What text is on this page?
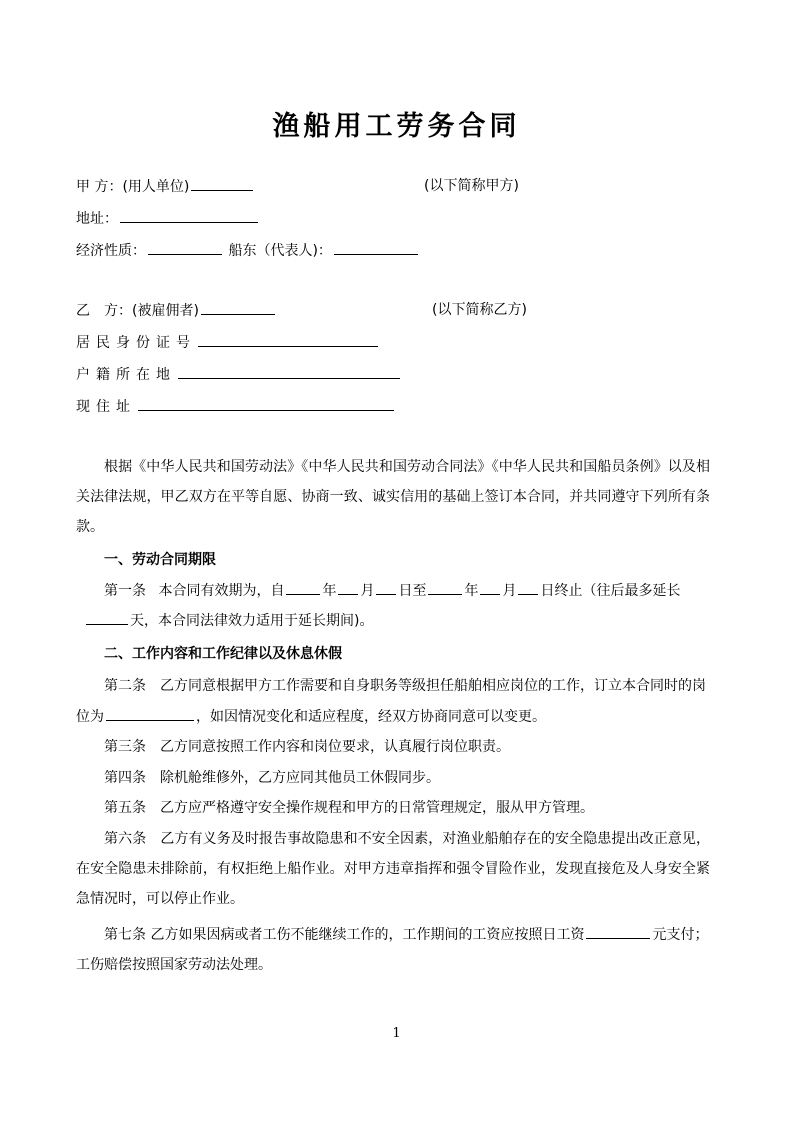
渔船用工劳务合同
甲 方：(用人单位)	(以下简称甲方)
地址：
经济性质：	船东（代表人)：
乙　方：(被雇佣者)	(以下简称乙方)
居民身份证号
户籍所在地
现住址
根据《中华人民共和国劳动法》《中华人民共和国劳动合同法》《中华人民共和国船员条例》以及相关法律法规，甲乙双方在平等自愿、协商一致、诚实信用的基础上签订本合同，并共同遵守下列所有条款。
一、劳动合同期限
第一条 本合同有效期为，自	年 月 日至	年 月 日终止（往后最多延长
天，本合同法律效力适用于延长期间)。
二、工作内容和工作纪律以及休息休假
第二条　乙方同意根据甲方工作需要和自身职务等级担任船舶相应岗位的工作，订立本合同时的岗
位为	，如因情况变化和适应程度，经双方协商同意可以变更。
第三条　乙方同意按照工作内容和岗位要求，认真履行岗位职责。
第四条　除机舱维修外，乙方应同其他员工休假同步。
第五条　乙方应严格遵守安全操作规程和甲方的日常管理规定，服从甲方管理。
第六条　乙方有义务及时报告事故隐患和不安全因素，对渔业船舶存在的安全隐患提出改正意见，在安全隐患未排除前，有权拒绝上船作业。对甲方违章指挥和强令冒险作业，发现直接危及人身安全紧急情况时，可以停止作业。
第七条 乙方如果因病或者工伤不能继续工作的，工作期间的工资应按照日工资	元支付；
工伤赔偿按照国家劳动法处理。
1
